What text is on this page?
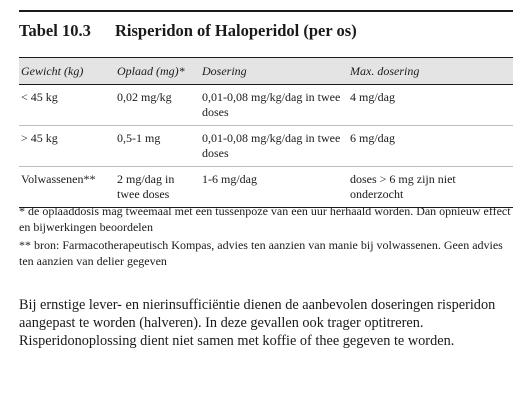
Tabel 10.3 Risperidon of Haloperidol (per os)
Gewicht (kg)	Oplaad (mg)*	Dosering	Max. dosering
< 45 kg	0,02 mg/kg	0,01-0,08 mg/kg/dag in twee doses	4 mg/dag
> 45 kg	0,5-1 mg	0,01-0,08 mg/kg/dag in twee doses	6 mg/dag
Volwassenen**	2 mg/dag in twee doses	1-6 mg/dag	doses > 6 mg zijn niet onderzocht

* de oplaaddosis mag tweemaal met een tussenpoze van een uur herhaald worden. Dan opnieuw effect en bijwerkingen beoordelen

** bron: Farmacotherapeutisch Kompas, advies ten aanzien van manie bij volwassenen. Geen advies ten aanzien van delier gegeven

Bij ernstige lever- en nierinsufficiëntie dienen de aanbevolen doseringen risperidon aangepast te worden (halveren). In deze gevallen ook trager optitreren. Risperidonoplossing dient niet samen met koffie of thee gegeven te worden.
